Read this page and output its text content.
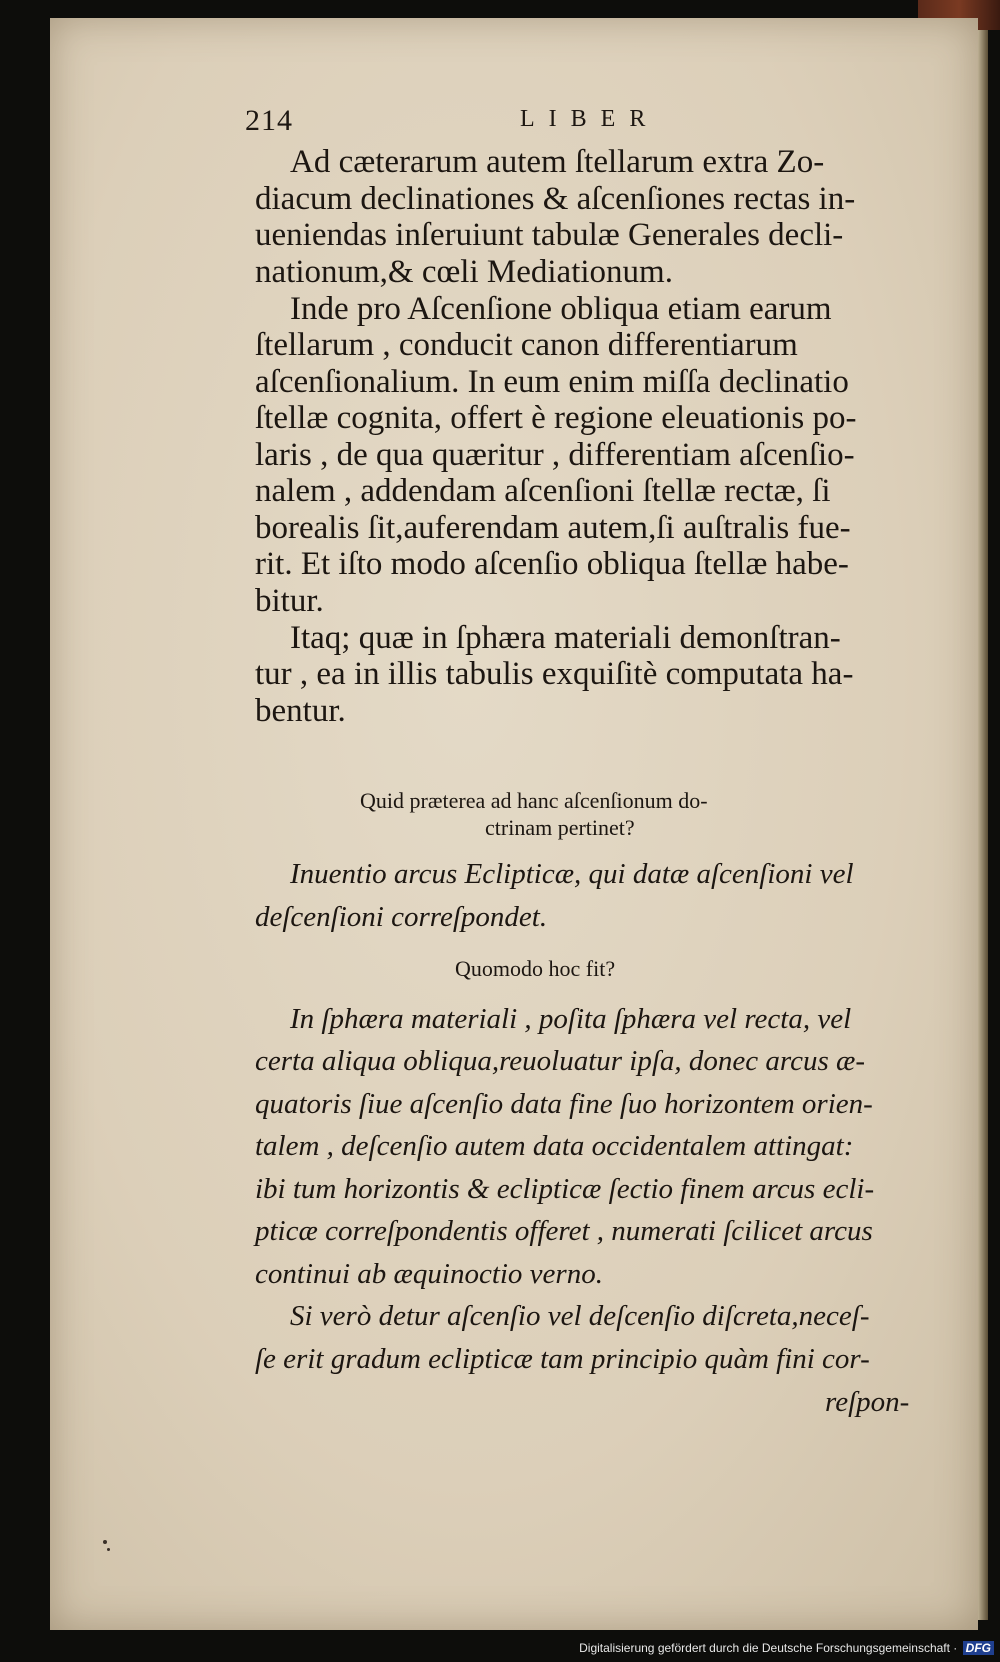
214	LIBER
Ad cæterarum autem ſtellarum extra Zo-
diacum declinationes & aſcenſiones rectas in-
ueniendas inſeruiunt tabulæ Generales decli-
nationum,& cœli Mediationum.
Inde pro Aſcenſione obliqua etiam earum
ſtellarum , conducit canon differentiarum
aſcenſionalium. In eum enim miſſa declinatio
ſtellæ cognita, offert è regione eleuationis po-
laris , de qua quæritur , differentiam aſcenſio-
nalem , addendam aſcenſioni ſtellæ rectæ, ſi
borealis ſit,auferendam autem,ſi auſtralis fue-
rit. Et iſto modo aſcenſio obliqua ſtellæ habe-
bitur.
Itaq; quæ in ſphæra materiali demonſtran-
tur , ea in illis tabulis exquiſitè computata ha-
bentur.
Quid præterea ad hanc aſcenſionum do-
ctrinam pertinet?
Inuentio arcus Eclipticæ, qui datæ aſcenſioni vel
deſcenſioni correſpondet.
Quomodo hoc fit?
In ſphæra materiali , poſita ſphæra vel recta, vel
certa aliqua obliqua,reuoluatur ipſa, donec arcus æ-
quatoris ſiue aſcenſio data fine ſuo horizontem orien-
talem , deſcenſio autem data occidentalem attingat:
ibi tum horizontis & eclipticæ ſectio finem arcus ecli-
pticæ correſpondentis offeret , numerati ſcilicet arcus
continui ab æquinoctio verno.
Si verò detur aſcenſio vel deſcenſio diſcreta,neceſ-
ſe erit gradum eclipticæ tam principio quàm fini cor-
reſpon-
Digitalisierung gefördert durch die Deutsche Forschungsgemeinschaft · DFG
